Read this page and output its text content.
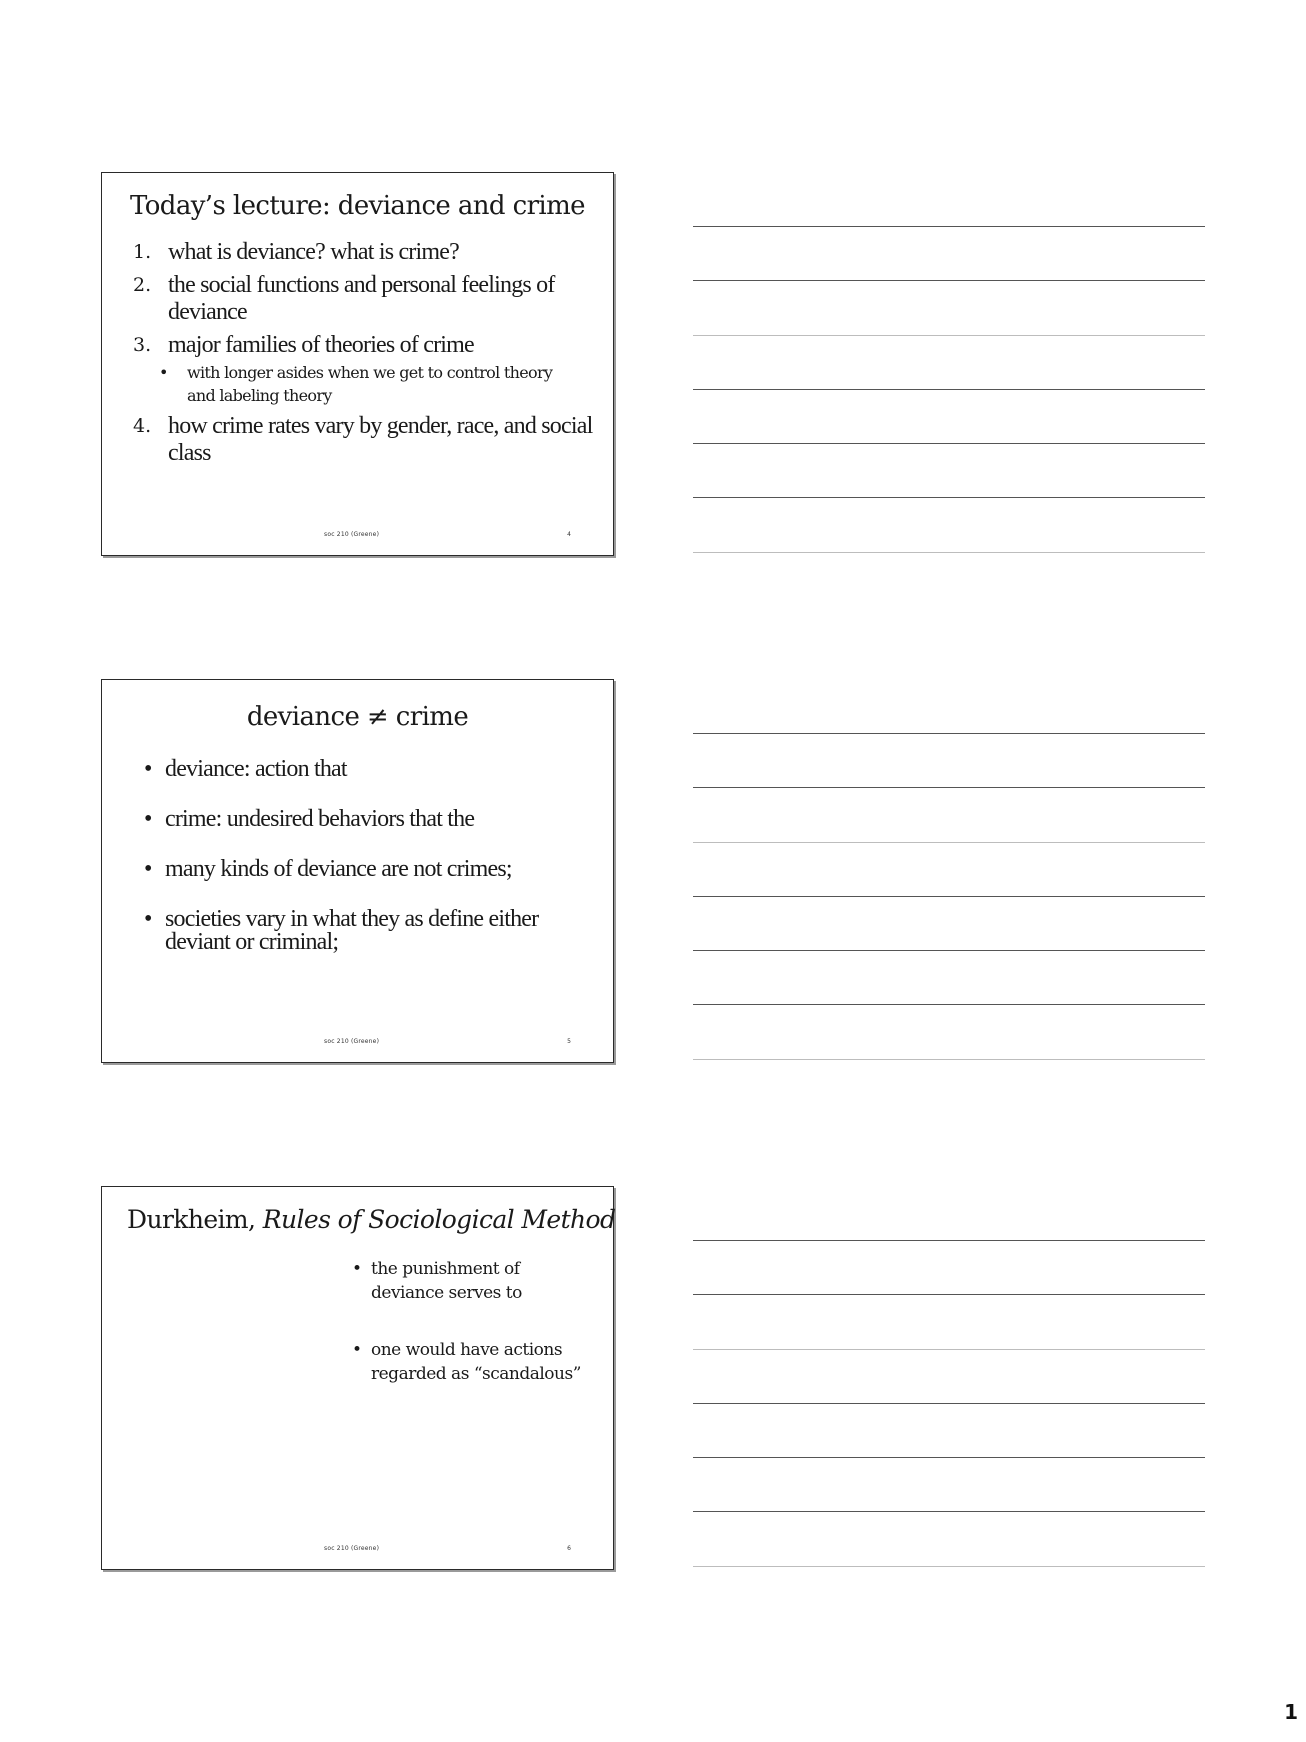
Today’s lecture: deviance and crime
1. what is deviance? what is crime?
2. the social functions and personal feelings of deviance
3. major families of theories of crime
• with longer asides when we get to control theory and labeling theory
4. how crime rates vary by gender, race, and social class
soc 210 (Greene)	4
deviance ≠ crime
• deviance: action that
• crime: undesired behaviors that the
• many kinds of deviance are not crimes;
• societies vary in what they as define either deviant or criminal;
soc 210 (Greene)	5
Durkheim, Rules of Sociological Method
• the punishment of deviance serves to
• one would have actions regarded as “scandalous”
soc 210 (Greene)	6
1
